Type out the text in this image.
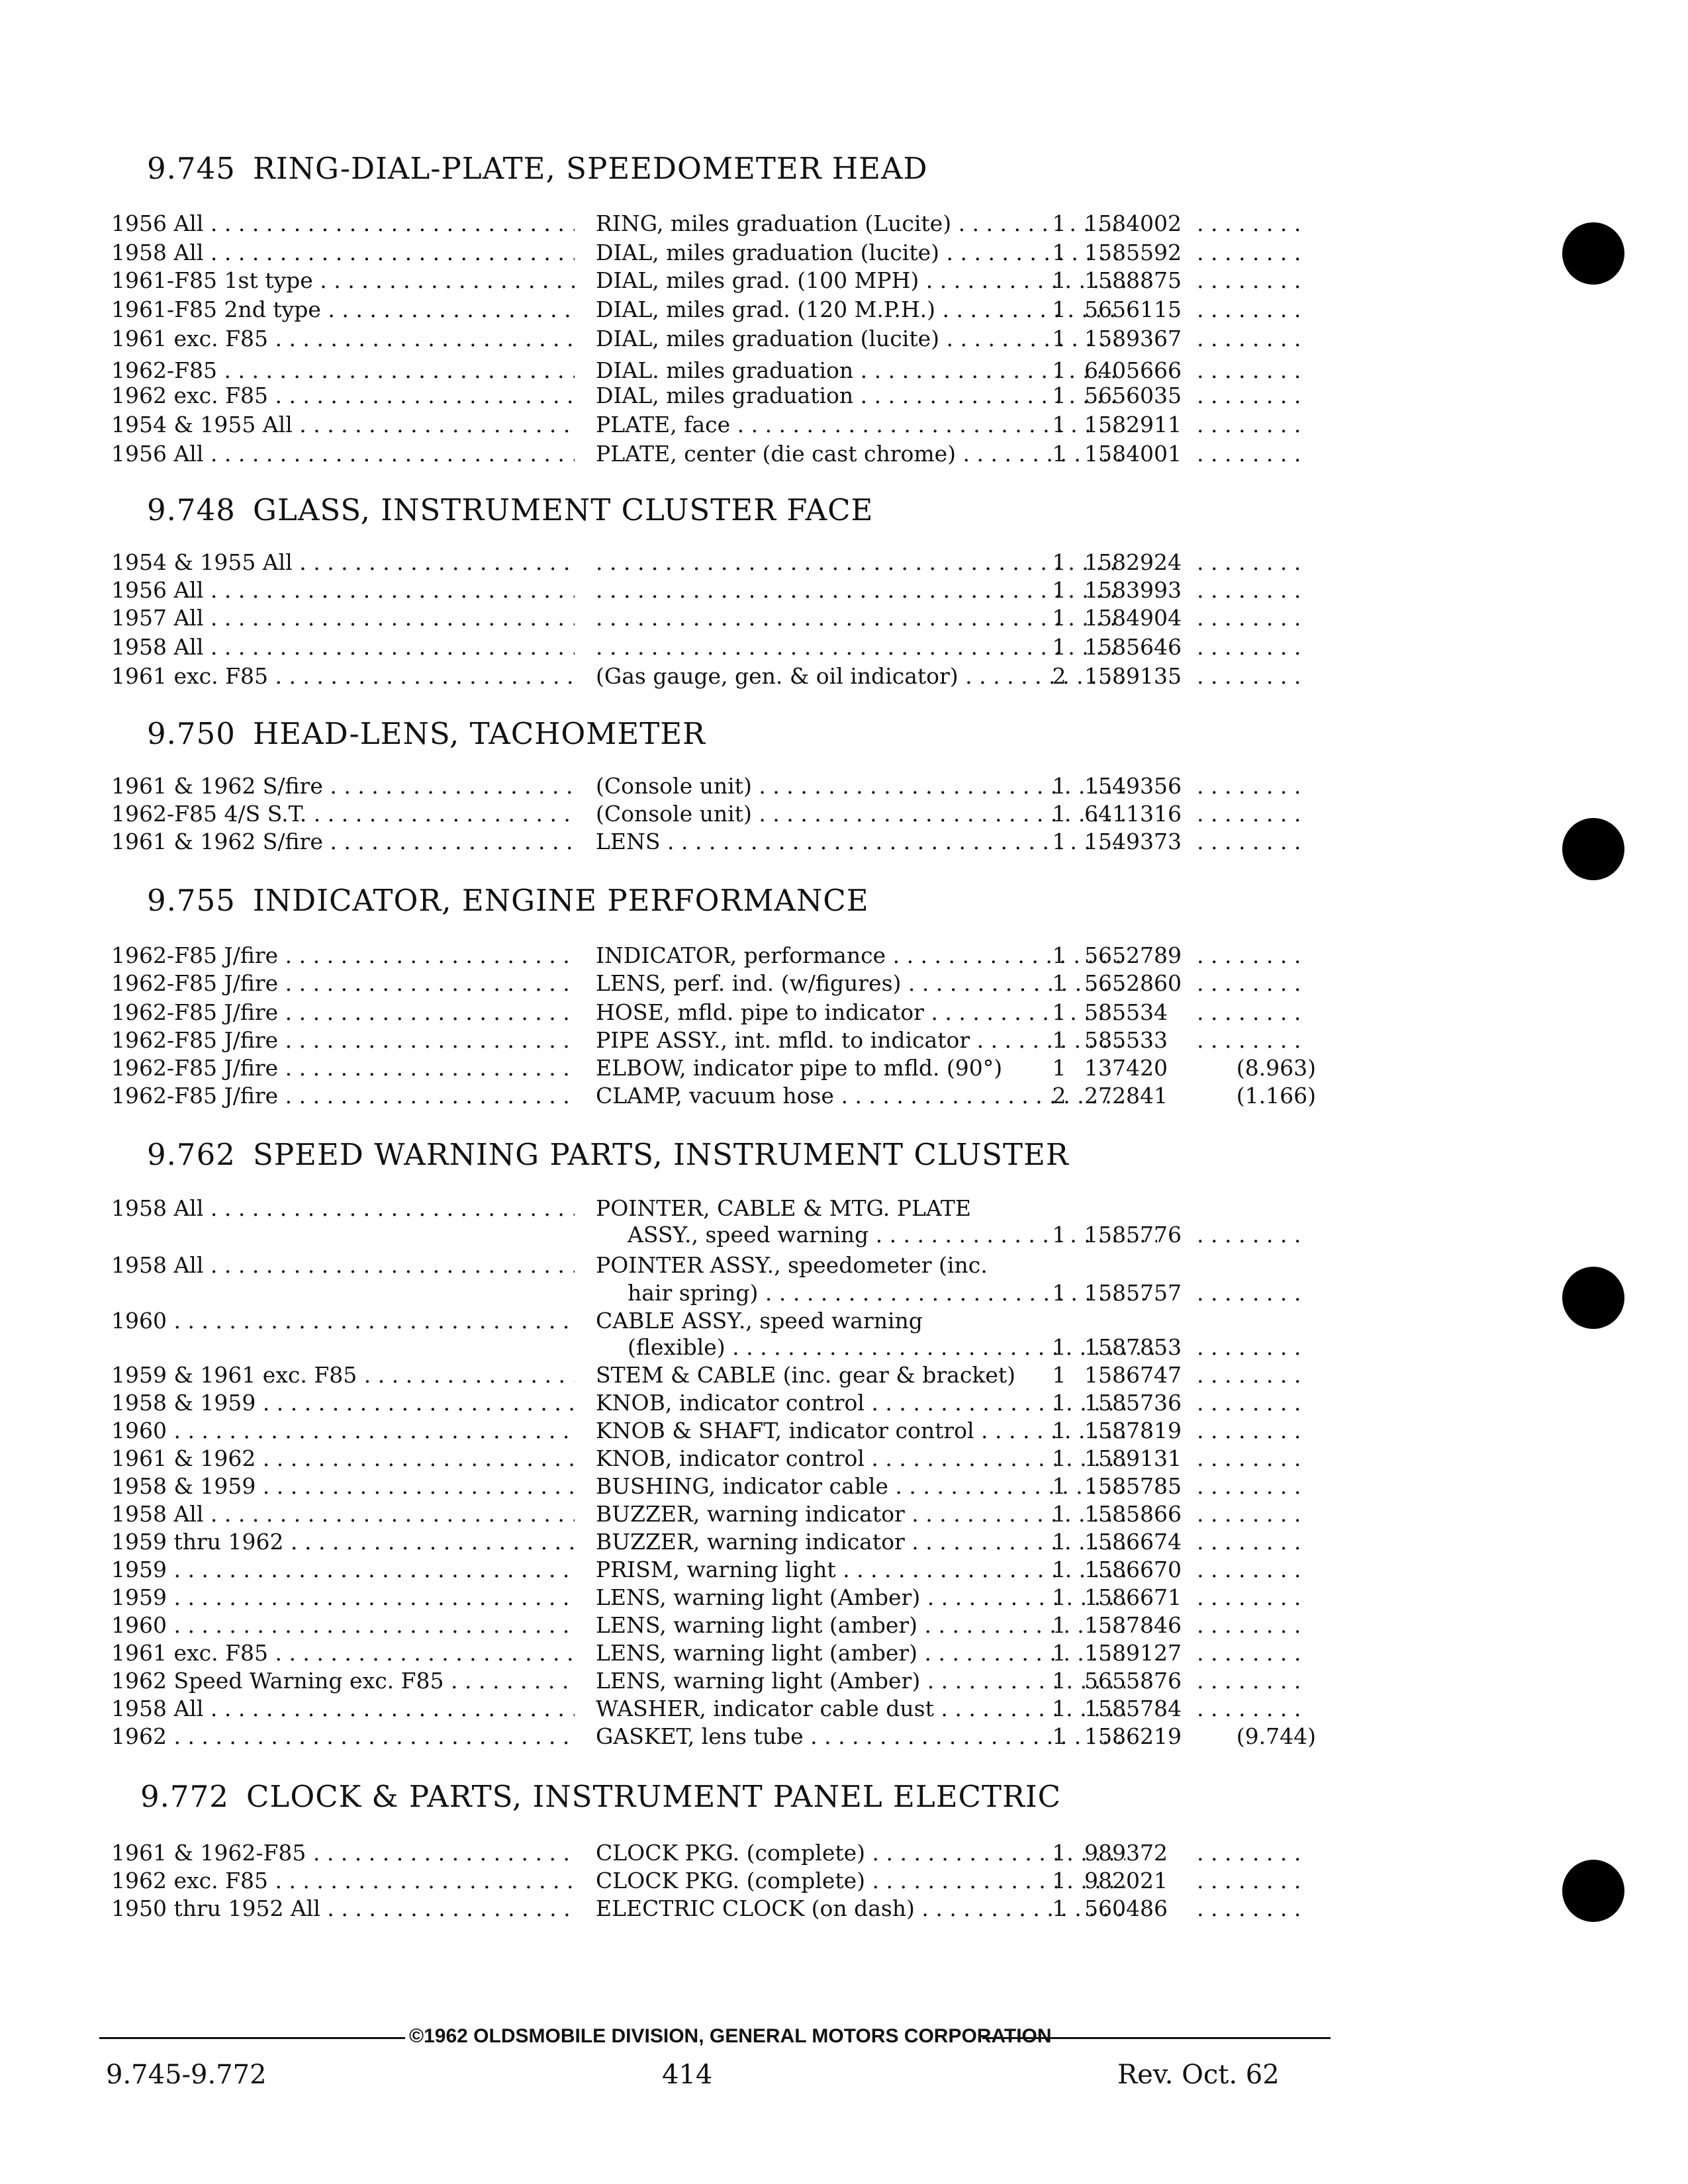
9.745 RING-DIAL-PLATE, SPEEDOMETER HEAD
1956 All . . .	RING, miles graduation (Lucite) . . .	1 1584002
. . .
1958 All . . .	DIAL, miles graduation (lucite) . . .	1 1585592
. . .
1961-F85 1st type . . .	DIAL, miles grad. (100 MPH) . . .	1 1588875
. . .
1961-F85 2nd type . . .	DIAL, miles grad. (120 M.P.H.) . . .	1 5656115
. . .
1961 exc. F85 . . .	DIAL, miles graduation (lucite) . . .	1 1589367
. . .
1962-F85 . . .	DIAL. miles graduation . . .	1 6405666
. . .
1962 exc. F85 . . .	DIAL, miles graduation . . .	1 5656035
. . .
1954 & 1955 All . . .	PLATE, face . . .	1 1582911
. . .
1956 All . . .	PLATE, center (die cast chrome) . . .	1 1584001
. . .
9.748 GLASS, INSTRUMENT CLUSTER FACE
1954 & 1955 All . . . . . .	1 1582924
. . .
1956 All . . . . . .	1 1583993
. . .
1957 All . . . . . .	1 1584904
. . .
1958 All . . . . . .	1 1585646
. . .
1961 exc. F85 . . .	(Gas gauge, gen. & oil indicator) . . .	2 1589135
. . .
9.750 HEAD-LENS, TACHOMETER
1961 & 1962 S/fire . . .	(Console unit) . . .	1 1549356
. . .
1962-F85 4/S S.T. . . .	(Console unit) . . .	1 6411316
. . .
1961 & 1962 S/fire . . .	LENS . . .	1 1549373
. . .
9.755 INDICATOR, ENGINE PERFORMANCE
1962-F85 J/fire . . .	INDICATOR, performance . . .	1 5652789
. . .
1962-F85 J/fire . . .	LENS, perf. ind. (w/figures) . . .	1 5652860
. . .
1962-F85 J/fire . . .	HOSE, mfld. pipe to indicator . . .	1 585534
. . .
1962-F85 J/fire . . .	PIPE ASSY., int. mfld. to indicator . . .	1 585533
. . .
1962-F85 J/fire . . .	ELBOW, indicator pipe to mfld. (90°)	1 137420	(8.963)
1962-F85 J/fire . . .	CLAMP, vacuum hose . . .	2 272841	(1.166)
9.762 SPEED WARNING PARTS, INSTRUMENT CLUSTER
1958 All . . .	POINTER, CABLE & MTG. PLATE
ASSY., speed warning . . .	1 1585776
. . .
1958 All . . .	POINTER ASSY., speedometer (inc.
hair spring) . . .	1 1585757
. . .
1960 . . .	CABLE ASSY., speed warning
(flexible) . . .	1 1587853
. . .
1959 & 1961 exc. F85 . . .	STEM & CABLE (inc. gear & bracket)	1 1586747
. . .
1958 & 1959 . . .	KNOB, indicator control . . .	1 1585736
. . .
1960 . . .	KNOB & SHAFT, indicator control . . .	1 1587819
. . .
1961 & 1962 . . .	KNOB, indicator control . . .	1 1589131
. . .
1958 & 1959 . . .	BUSHING, indicator cable . . .	1 1585785
. . .
1958 All . . .	BUZZER, warning indicator . . .	1 1585866
. . .
1959 thru 1962 . . .	BUZZER, warning indicator . . .	1 1586674
. . .
1959 . . .	PRISM, warning light . . .	1 1586670
. . .
1959 . . .	LENS, warning light (Amber) . . .	1 1586671
. . .
1960 . . .	LENS, warning light (amber) . . .	1 1587846
. . .
1961 exc. F85 . . .	LENS, warning light (amber) . . .	1 1589127
. . .
1962 Speed Warning exc. F85 . . .	LENS, warning light (Amber) . . .	1 5655876
. . .
1958 All . . .	WASHER, indicator cable dust . . .	1 1585784
. . .
1962 . . .	GASKET, lens tube . . .	1 1586219	(9.744)
9.772 CLOCK & PARTS, INSTRUMENT PANEL ELECTRIC
1961 & 1962-F85 . . .	CLOCK PKG. (complete) . . .	1 989372
. . .
1962 exc. F85 . . .	CLOCK PKG. (complete) . . .	1 982021
. . .
1950 thru 1952 All . . .	ELECTRIC CLOCK (on dash) . . .	1 560486
. . .
©1962 OLDSMOBILE DIVISION, GENERAL MOTORS CORPORATION
9.745-9.772	414	Rev. Oct. 62
